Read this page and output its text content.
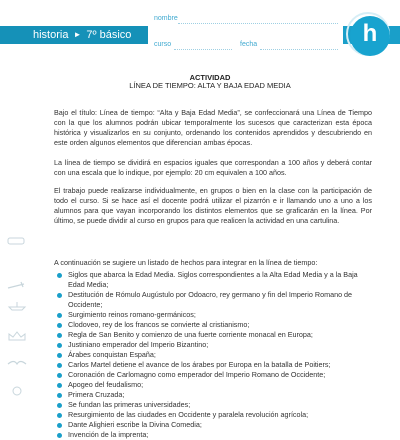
historia ► 7º básico
nombre
curso	fecha	h
ACTIVIDAD
LÍNEA DE TIEMPO: ALTA Y BAJA EDAD MEDIA
Bajo el título: Línea de tiempo: “Alta y Baja Edad Media”, se confeccionará una Línea de Tiempo con la que los alumnos podrán ubicar temporalmente los sucesos que caracterizan esta época histórica y visualizarlos en su conjunto, ordenando los contenidos aprendidos y descubriendo en este orden algunos elementos que diferencian ambas épocas.
La línea de tiempo se dividirá en espacios iguales que correspondan a 100 años y deberá contar con una escala que lo indique, por ejemplo: 20 cm equivalen a 100 años.
El trabajo puede realizarse individualmente, en grupos o bien en la clase con la participación de todo el curso. Si se hace así el docente podrá utilizar el pizarrón e ir llamando uno a uno a los alumnos para que vayan incorporando los distintos elementos que se graficarán en la línea. Por último, se puede dividir al curso en grupos para que realicen la actividad en una cartulina.
A continuación se sugiere un listado de hechos para integrar en la línea de tiempo:
Siglos que abarca la Edad Media. Siglos correspondientes a la Alta Edad Media y a la Baja Edad Media;
Destitución de Rómulo Augústulo por Odoacro, rey germano y fin del Imperio Romano de Occidente;
Surgimiento reinos romano-germánicos;
Clodoveo, rey de los francos se convierte al cristianismo;
Regla de San Benito y comienzo de una fuerte corriente monacal en Europa;
Justiniano emperador del Imperio Bizantino;
Árabes conquistan España;
Carlos Martel detiene el avance de los árabes por Europa en la batalla de Poitiers;
Coronación de Carlomagno como emperador del Imperio Romano de Occidente;
Apogeo del feudalismo;
Primera Cruzada;
Se fundan las primeras universidades;
Resurgimiento de las ciudades en Occidente y paralela revolución agrícola;
Dante Alighieri escribe la Divina Comedia;
Invención de la imprenta;
